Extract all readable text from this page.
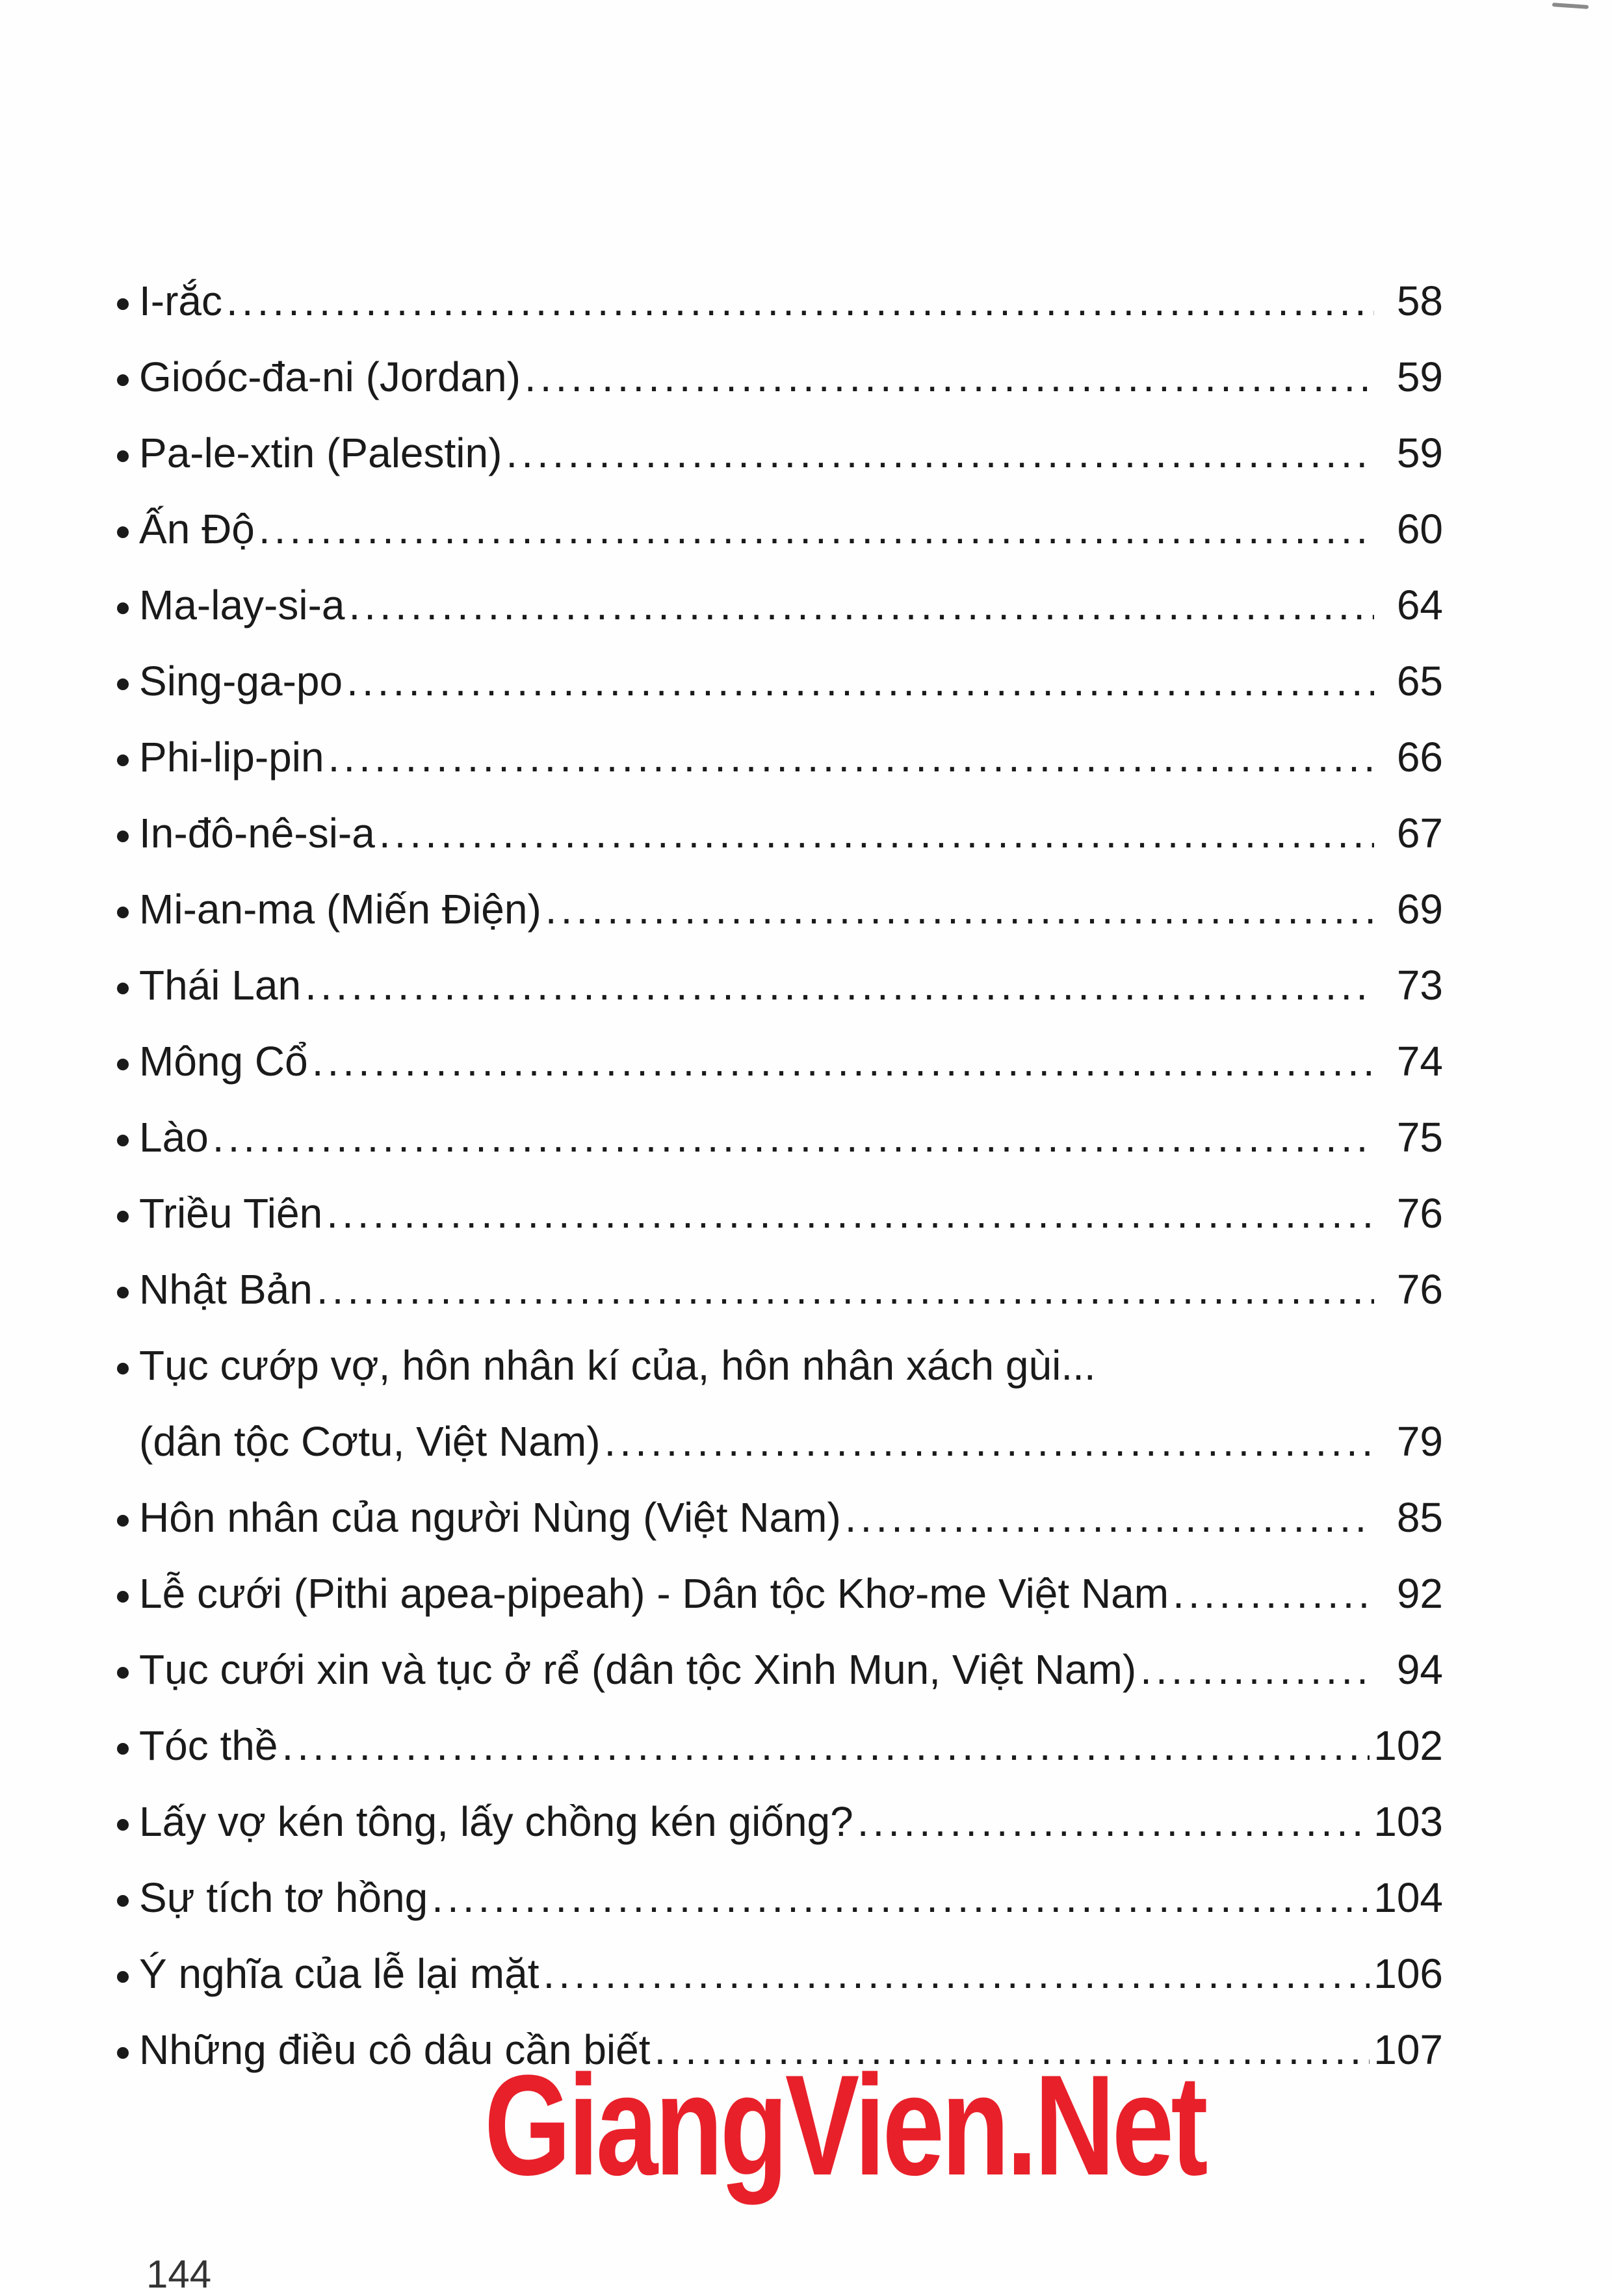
I-rắc .....	58
Gioóc-đa-ni (Jordan) .....	59
Pa-le-xtin (Palestin) .....	59
Ấn Độ .....	60
Ma-lay-si-a .....	64
Sing-ga-po .....	65
Phi-lip-pin .....	66
In-đô-nê-si-a .....	67
Mi-an-ma (Miến Điện) .....	69
Thái Lan .....	73
Mông Cổ .....	74
Lào .....	75
Triều Tiên .....	76
Nhật Bản .....	76
Tục cướp vợ, hôn nhân kí của, hôn nhân xách gùi...
(dân tộc Cơtu, Việt Nam) .....	79
Hôn nhân của người Nùng (Việt Nam) .....	85
Lễ cưới (Pithi apea-pipeah) - Dân tộc Khơ-me Việt Nam .....	92
Tục cưới xin và tục ở rể (dân tộc Xinh Mun, Việt Nam) .....	94
Tóc thề .....	102
Lấy vợ kén tông, lấy chồng kén giống? .....	103
Sự tích tơ hồng .....	104
Ý nghĩa của lễ lại mặt .....	106
Những điều cô dâu cần biết .....	107
GiangVien.Net
144
